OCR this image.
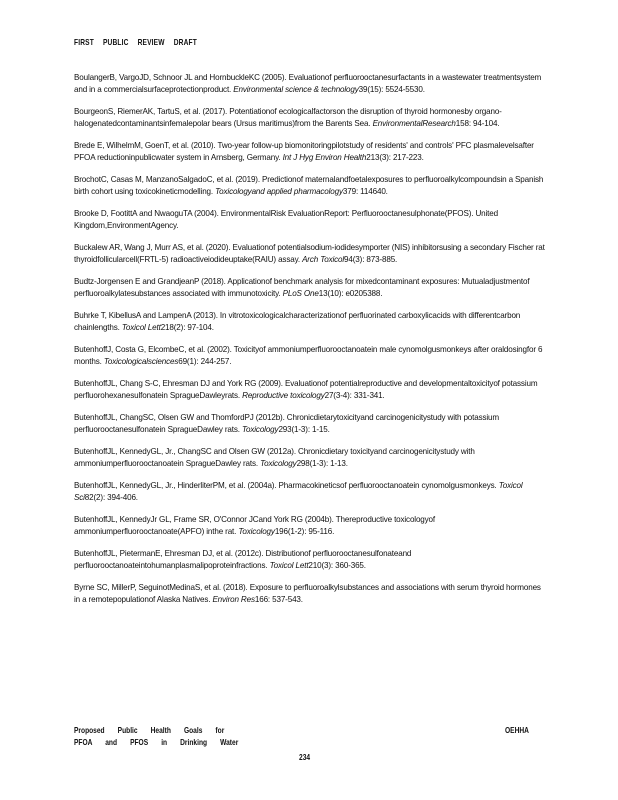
FIRST PUBLIC REVIEW DRAFT

BoulangerB, VargoJD, Schnoor JL and HornbuckleKC (2005). Evaluationof perfluorooctanesurfactants in a wastewater treatmentsystem and in a commercialsurfaceprotectionproduct. Environmental science & technology39(15): 5524-5530.

BourgeonS, RiemerAK, TartuS, et al. (2017). Potentiationof ecologicalfactorson the disruption of thyroid hormonesby organo-halogenatedcontaminantsinfemalepolar bears (Ursus maritimus)from the Barents Sea. EnvironmentalResearch158: 94-104.

Brede E, WilhelmM, GoenT, et al. (2010). Two-year follow-up biomonitoringpilotstudy of residents' and controls' PFC plasmalevelsafter PFOA reductioninpublicwater system in Arnsberg, Germany. Int J Hyg Environ Health213(3): 217-223.

BrochotC, Casas M, ManzanoSalgadoC, et al. (2019). Predictionof maternalandfoetalexposures to perfluoroalkylcompoundsin a Spanish birth cohort using toxicokineticmodelling. Toxicologyand applied pharmacology379: 114640.

Brooke D, FootittA and NwaoguTA (2004). EnvironmentalRisk EvaluationReport: Perfluorooctanesulphonate(PFOS). United Kingdom,EnvironmentAgency.

Buckalew AR, Wang J, Murr AS, et al. (2020). Evaluationof potentialsodium-iodidesymporter (NIS) inhibitorsusing a secondary Fischer rat thyroidfollicularcell(FRTL-5) radioactiveiodideuptake(RAIU) assay. Arch Toxicol94(3): 873-885.

Budtz-Jorgensen E and GrandjeanP (2018). Applicationof benchmark analysis for mixedcontaminant exposures: Mutualadjustmentof perfluoroalkylatesubstances associated with immunotoxicity. PLoS One13(10): e0205388.

Buhrke T, KibellusA and LampenA (2013). In vitrotoxicologicalcharacterizationof perfluorinated carboxylicacids with differentcarbon chainlengths. Toxicol Lett218(2): 97-104.

ButenhoffJ, Costa G, ElcombeC, et al. (2002). Toxicityof ammoniumperfluorooctanoatein male cynomolgusmonkeys after oraldosingfor 6 months. Toxicologicalsciences69(1): 244-257.

ButenhoffJL, Chang S-C, Ehresman DJ and York RG (2009). Evaluationof potentialreproductive and developmentaltoxicityof potassium perfluorohexanesulfonatein SpragueDawleyrats. Reproductive toxicology27(3-4): 331-341.

ButenhoffJL, ChangSC, Olsen GW and ThomfordPJ (2012b). Chronicdietarytoxicityand carcinogenicitystudy with potassium perfluorooctanesulfonatein SpragueDawley rats. Toxicology293(1-3): 1-15.

ButenhoffJL, KennedyGL, Jr., ChangSC and Olsen GW (2012a). Chronicdietary toxicityand carcinogenicitystudy with ammoniumperfluorooctanoatein SpragueDawley rats. Toxicology298(1-3): 1-13.

ButenhoffJL, KennedyGL, Jr., HinderliterPM, et al. (2004a). Pharmacokineticsof perfluorooctanoatein cynomolgusmonkeys. Toxicol Sci82(2): 394-406.

ButenhoffJL, KennedyJr GL, Frame SR, O'Connor JCand York RG (2004b). Thereproductive toxicologyof ammoniumperfluorooctanoate(APFO) inthe rat. Toxicology196(1-2): 95-116.

ButenhoffJL, PietermanE, Ehresman DJ, et al. (2012c). Distributionof perfluorooctanesulfonateand perfluorooctanoateintohumanplasmalipoproteinfractions. Toxicol Lett210(3): 360-365.

Byrne SC, MillerP, SeguinotMedinaS, et al. (2018). Exposure to perfluoroalkylsubstances and associations with serum thyroid hormones in a remotepopulationof Alaska Natives. Environ Res166: 537-543.

Proposed Public Health Goals for
PFOA and PFOS in Drinking Water
OEHHA
234
